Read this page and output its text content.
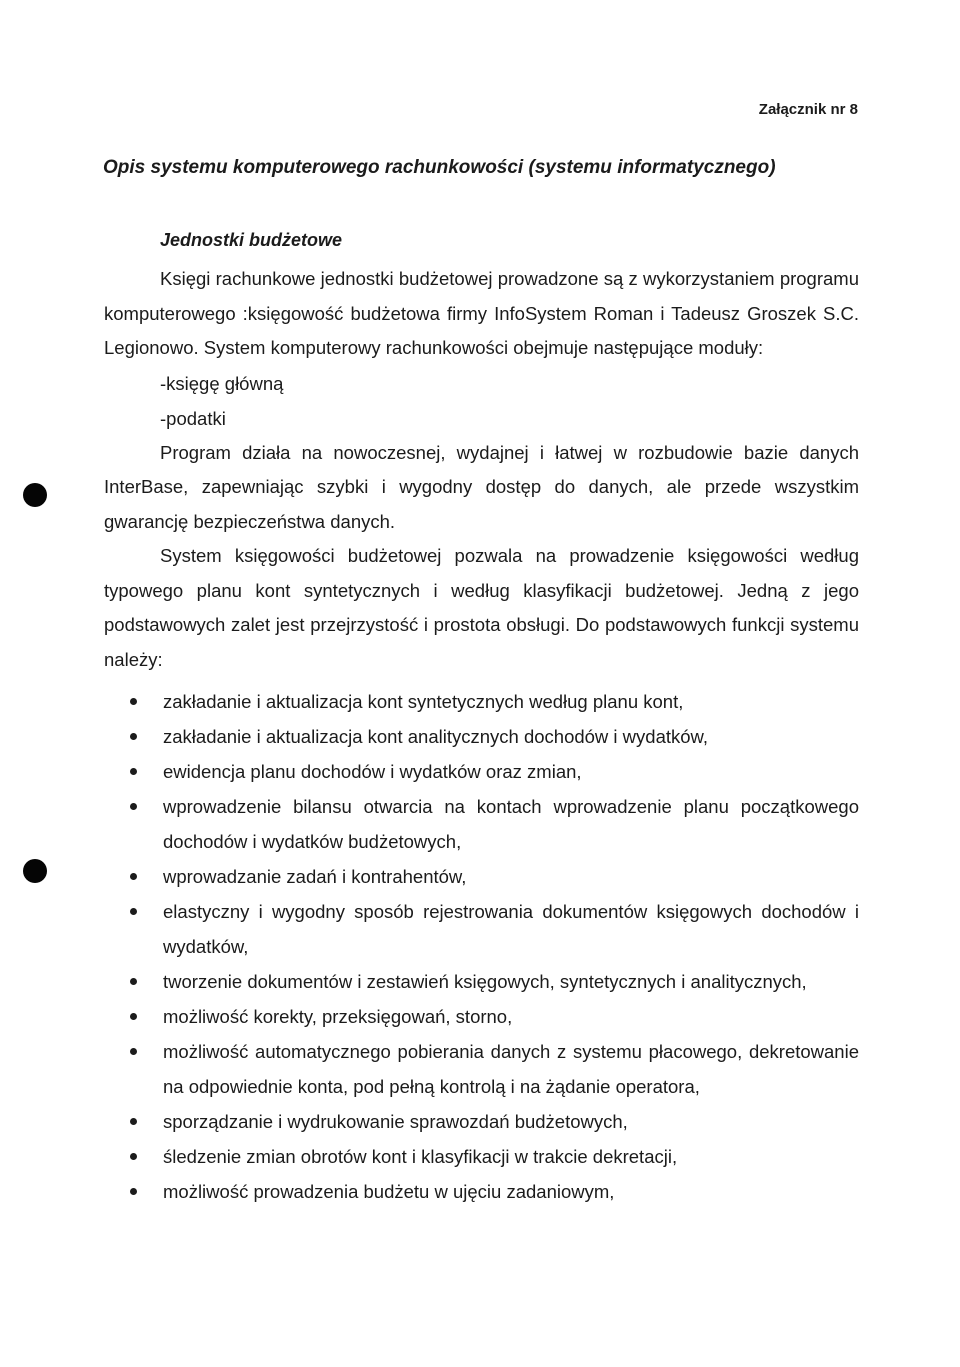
Załącznik nr 8
Opis systemu komputerowego rachunkowości (systemu informatycznego)
Jednostki budżetowe

Księgi rachunkowe jednostki budżetowej prowadzone są z wykorzystaniem programu komputerowego :księgowość budżetowa firmy InfoSystem Roman i Tadeusz Groszek S.C. Legionowo. System komputerowy rachunkowości obejmuje następujące moduły:

-księgę główną

-podatki

Program działa na nowoczesnej, wydajnej i łatwej w rozbudowie bazie danych InterBase, zapewniając szybki i wygodny dostęp do danych, ale przede wszystkim gwarancję bezpieczeństwa danych.

System księgowości budżetowej pozwala na prowadzenie księgowości według typowego planu kont syntetycznych i według klasyfikacji budżetowej. Jedną z jego podstawowych zalet jest przejrzystość i prostota obsługi. Do podstawowych funkcji systemu należy:

zakładanie i aktualizacja kont syntetycznych według planu kont,
zakładanie i aktualizacja kont analitycznych dochodów i wydatków,
ewidencja planu dochodów i wydatków oraz zmian,
wprowadzenie bilansu otwarcia na kontach wprowadzenie planu początkowego dochodów i wydatków budżetowych,
wprowadzanie zadań i kontrahentów,
elastyczny i wygodny sposób rejestrowania dokumentów księgowych dochodów i wydatków,
tworzenie dokumentów i zestawień księgowych, syntetycznych i analitycznych,
możliwość korekty, przeksięgowań, storno,
możliwość automatycznego pobierania danych z systemu płacowego, dekretowanie na odpowiednie konta, pod pełną kontrolą i na żądanie operatora,
sporządzanie i wydrukowanie sprawozdań budżetowych,
śledzenie zmian obrotów kont i klasyfikacji w trakcie dekretacji,
możliwość prowadzenia budżetu w ujęciu zadaniowym,
